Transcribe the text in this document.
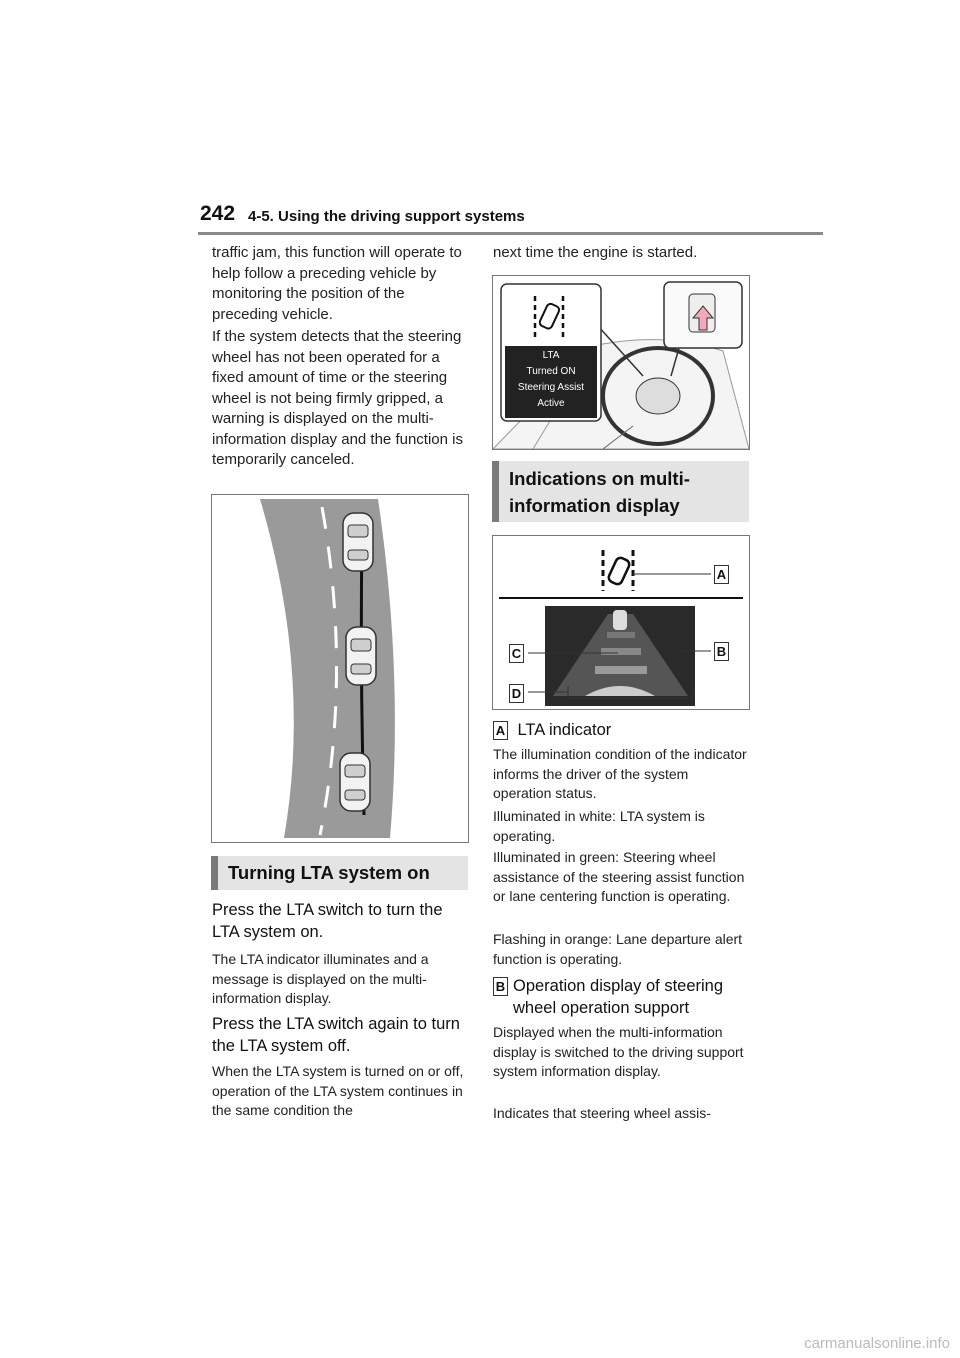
242 4-5. Using the driving support systems

traffic jam, this function will operate to help follow a preceding vehicle by monitoring the position of the preceding vehicle.

If the system detects that the steering wheel has not been operated for a fixed amount of time or the steering wheel is not being firmly gripped, a warning is displayed on the multi-information display and the function is temporarily canceled.

Turning LTA system on

Press the LTA switch to turn the LTA system on.

The LTA indicator illuminates and a message is displayed on the multi-information display.

Press the LTA switch again to turn the LTA system off.

When the LTA system is turned on or off, operation of the LTA system continues in the same condition the

next time the engine is started.

LTA
Turned ON
Steering Assist
Active
Indications on multi-information display
A
B
C
D
A LTA indicator

The illumination condition of the indicator informs the driver of the system operation status.

Illuminated in white: LTA system is operating.

Illuminated in green: Steering wheel assistance of the steering assist function or lane centering function is operating.

Flashing in orange: Lane departure alert function is operating.

B Operation display of steering wheel operation support

Displayed when the multi-information display is switched to the driving support system information display.

Indicates that steering wheel assis-

carmanualsonline.info
